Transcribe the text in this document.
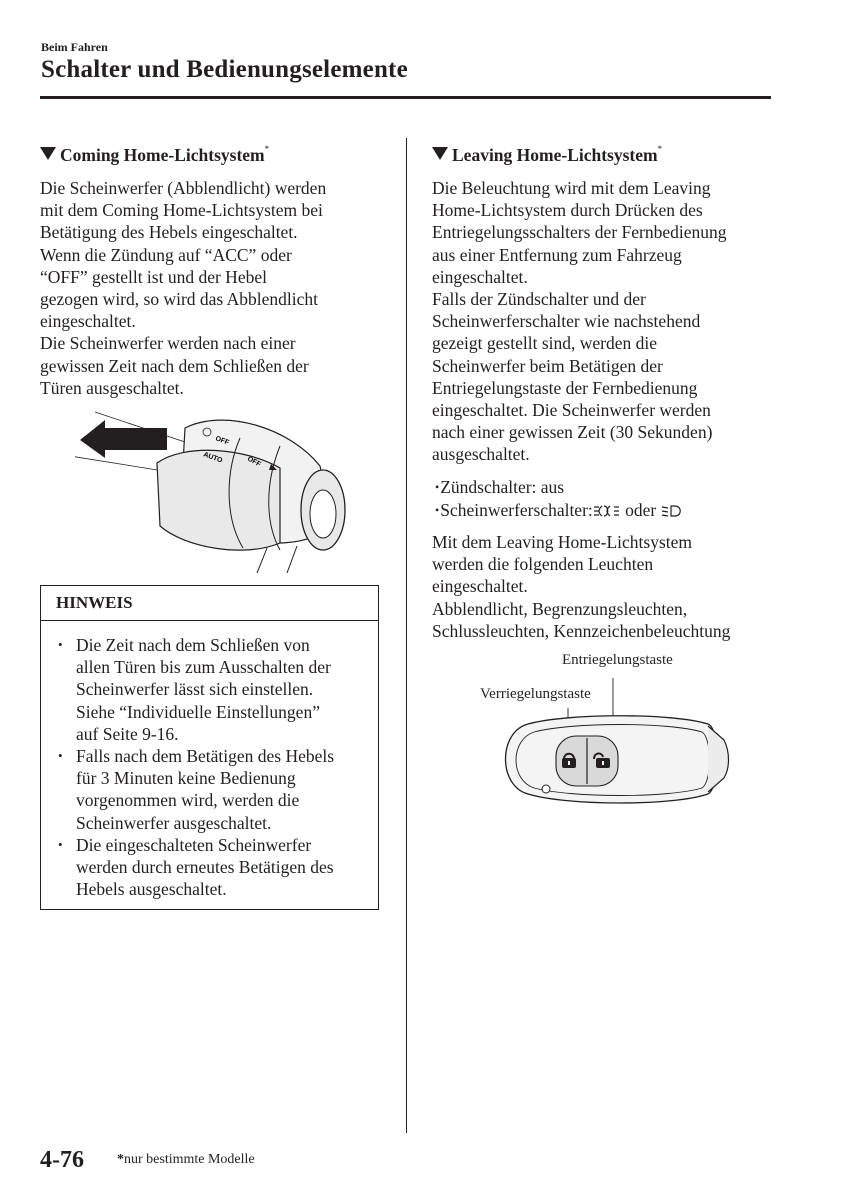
Beim Fahren
Schalter und Bedienungselemente
Coming Home-Lichtsystem*

Die Scheinwerfer (Abblendlicht) werden
mit dem Coming Home-Lichtsystem bei
Betätigung des Hebels eingeschaltet.
Wenn die Zündung auf “ACC” oder
“OFF” gestellt ist und der Hebel
gezogen wird, so wird das Abblendlicht
eingeschaltet.
Die Scheinwerfer werden nach einer
gewissen Zeit nach dem Schließen der
Türen ausgeschaltet.

OFF
AUTO	OFF
HINWEIS
• Die Zeit nach dem Schließen von
allen Türen bis zum Ausschalten der
Scheinwerfer lässt sich einstellen.
Siehe “Individuelle Einstellungen”
auf Seite 9-16.
• Falls nach dem Betätigen des Hebels
für 3 Minuten keine Bedienung
vorgenommen wird, werden die
Scheinwerfer ausgeschaltet.
• Die eingeschalteten Scheinwerfer
werden durch erneutes Betätigen des
Hebels ausgeschaltet.
Leaving Home-Lichtsystem*

Die Beleuchtung wird mit dem Leaving
Home-Lichtsystem durch Drücken des
Entriegelungsschalters der Fernbedienung
aus einer Entfernung zum Fahrzeug
eingeschaltet.
Falls der Zündschalter und der
Scheinwerferschalter wie nachstehend
gezeigt gestellt sind, werden die
Scheinwerfer beim Betätigen der
Entriegelungstaste der Fernbedienung
eingeschaltet. Die Scheinwerfer werden
nach einer gewissen Zeit (30 Sekunden)
ausgeschaltet.

•Zündschalter: aus
•Scheinwerferschalter: oder

Mit dem Leaving Home-Lichtsystem
werden die folgenden Leuchten
eingeschaltet.
Abblendlicht, Begrenzungsleuchten,
Schlussleuchten, Kennzeichenbeleuchtung

Entriegelungstaste
Verriegelungstaste
4-76 *nur bestimmte Modelle
